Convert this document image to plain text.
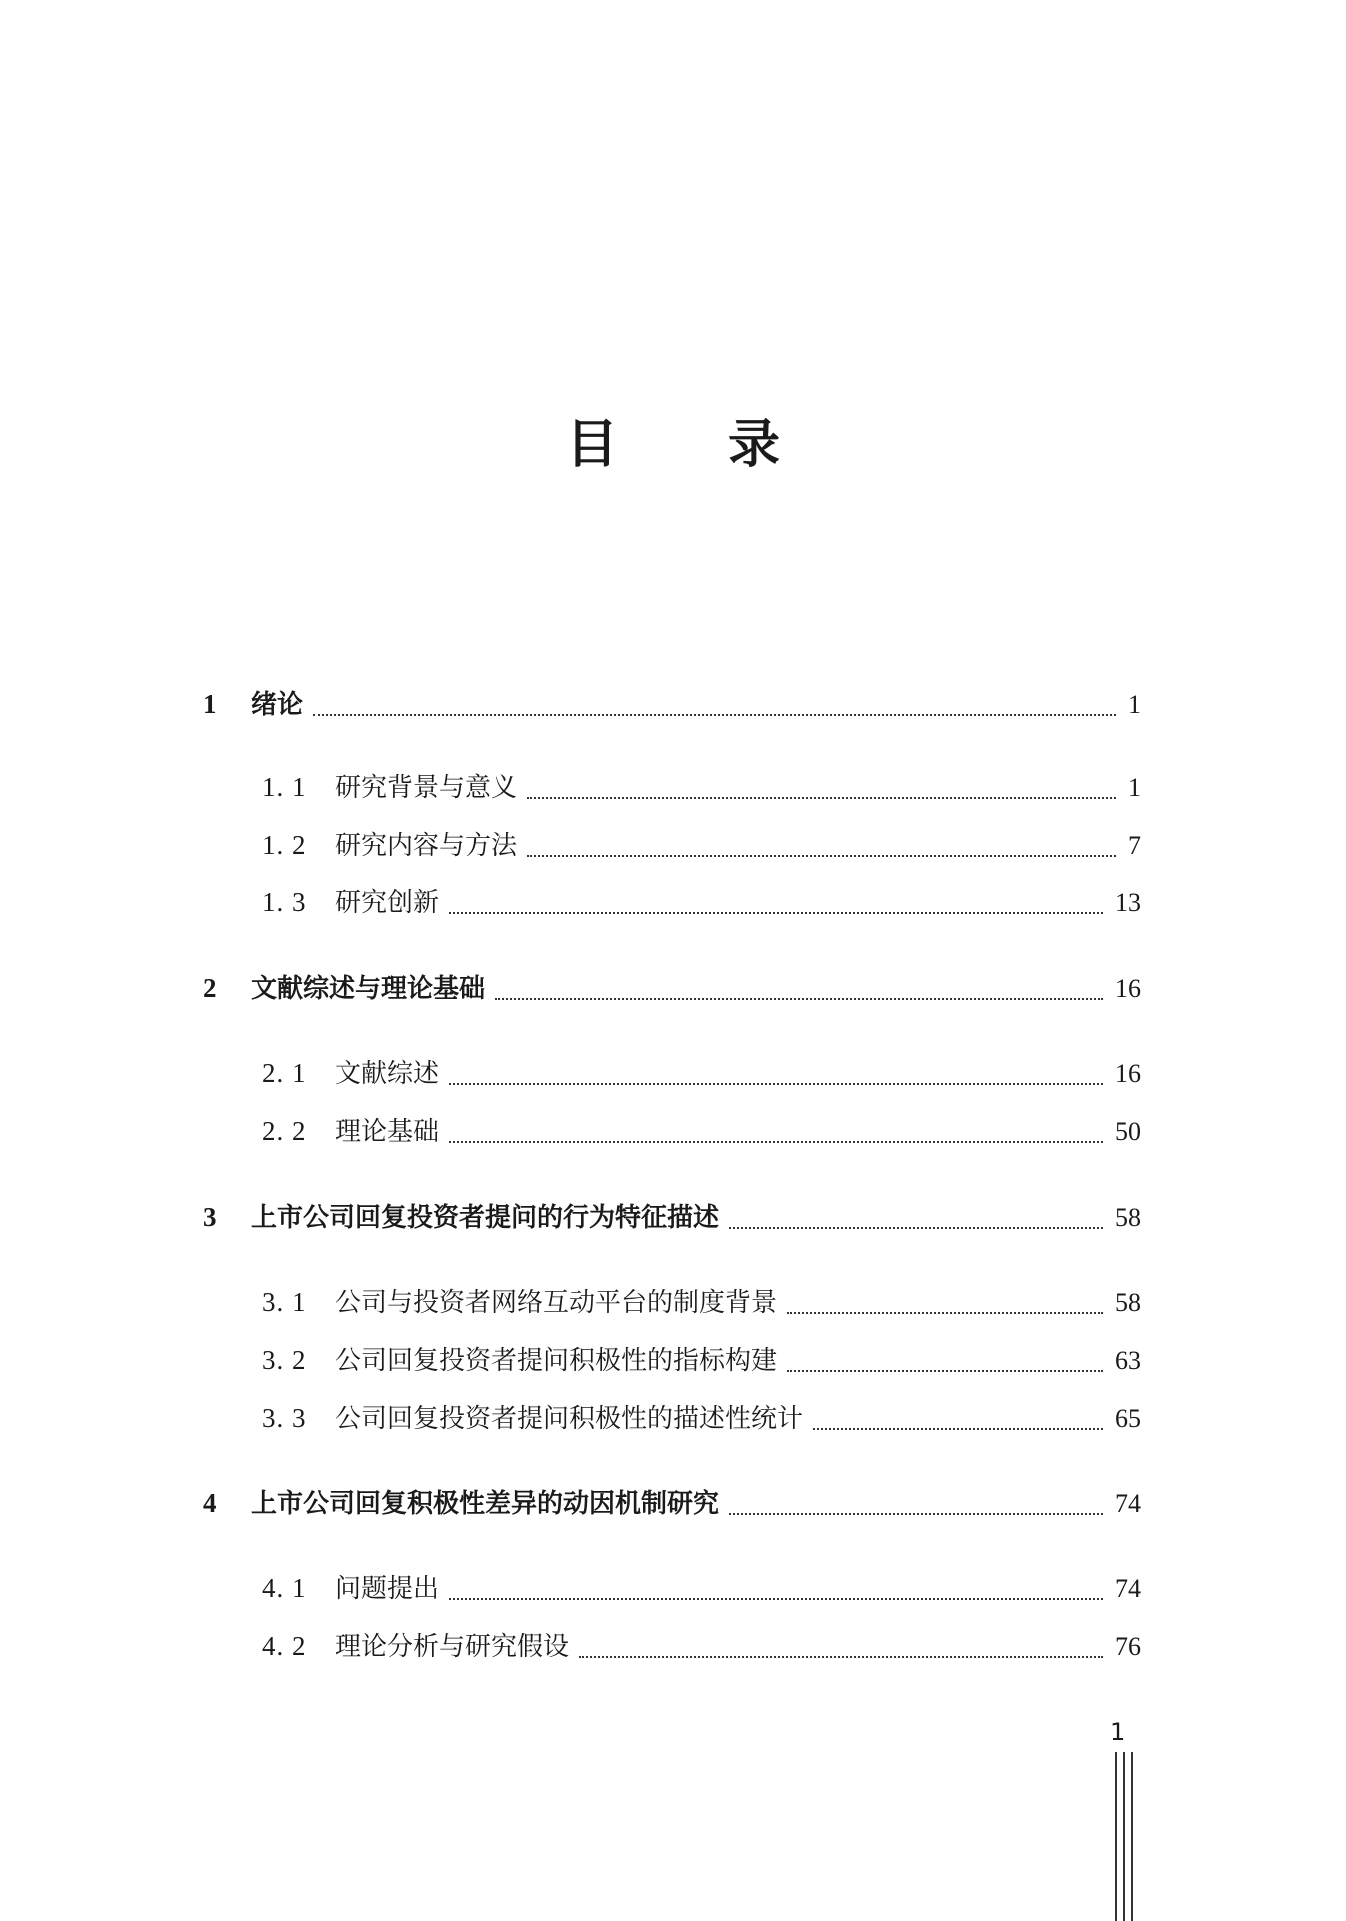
目录
1	绪论	1
1. 1	研究背景与意义	1
1. 2	研究内容与方法	7
1. 3	研究创新	13
2	文献综述与理论基础	16
2. 1	文献综述	16
2. 2	理论基础	50
3	上市公司回复投资者提问的行为特征描述	58
3. 1	公司与投资者网络互动平台的制度背景	58
3. 2	公司回复投资者提问积极性的指标构建	63
3. 3	公司回复投资者提问积极性的描述性统计	65
4	上市公司回复积极性差异的动因机制研究	74
4. 1	问题提出	74
4. 2	理论分析与研究假设	76
1
